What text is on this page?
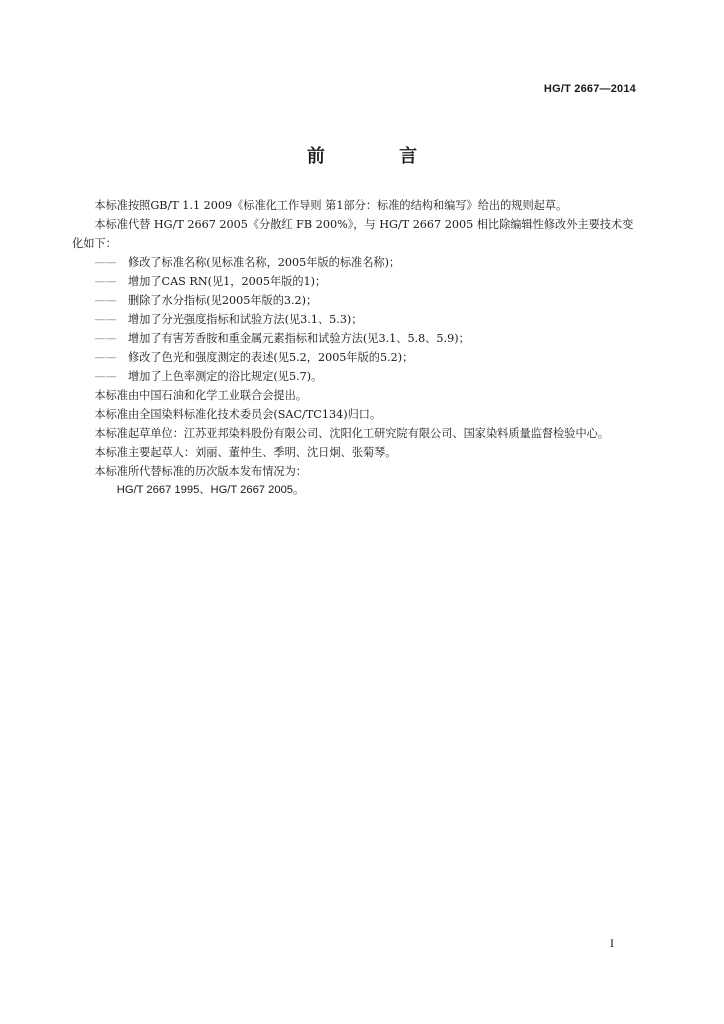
HG/T 2667—2014
前 言

本标准按照GB/T 1.1 2009《标准化工作导则 第1部分：标准的结构和编写》给出的规则起草。

本标准代替 HG/T 2667 2005《分散红 FB 200%》，与 HG/T 2667 2005 相比除编辑性修改外主要技术变化如下：

—— 修改了标准名称(见标准名称，2005年版的标准名称)；

—— 增加了CAS RN(见1，2005年版的1)；

—— 删除了水分指标(见2005年版的3.2)；

—— 增加了分光强度指标和试验方法(见3.1、5.3)；

—— 增加了有害芳香胺和重金属元素指标和试验方法(见3.1、5.8、5.9)；

—— 修改了色光和强度测定的表述(见5.2，2005年版的5.2)；

—— 增加了上色率测定的浴比规定(见5.7)。

本标准由中国石油和化学工业联合会提出。

本标准由全国染料标准化技术委员会(SAC/TC134)归口。

本标准起草单位：江苏亚邦染料股份有限公司、沈阳化工研究院有限公司、国家染料质量监督检验中心。

本标准主要起草人：刘丽、董仲生、季明、沈日炯、张菊琴。

本标准所代替标准的历次版本发布情况为：

HG/T 2667 1995、HG/T 2667 2005。

I
